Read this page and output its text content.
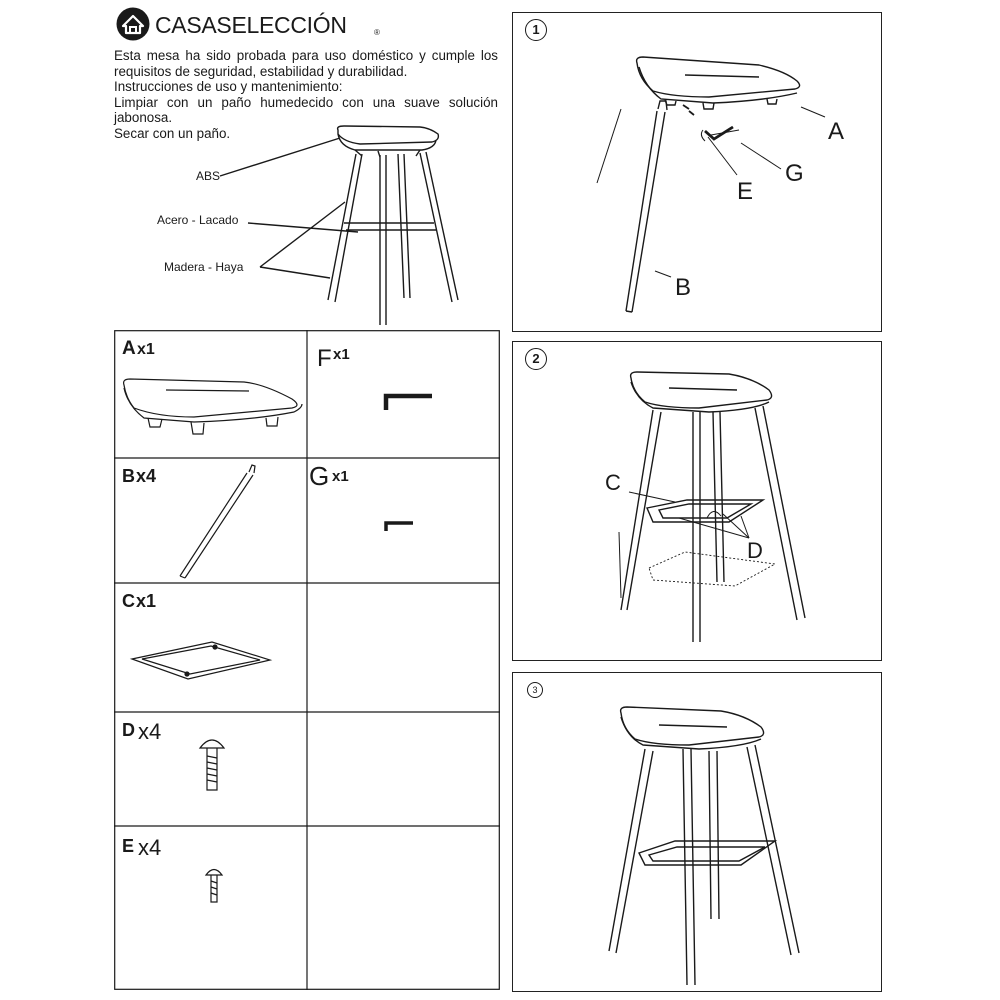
CASASELECCIÓN	®

Esta mesa ha sido probada para uso doméstico y cumple los requisitos de seguridad, estabilidad y durabilidad.

Instrucciones de uso y mantenimiento:

Limpiar con un paño humedecido con una suave solución jabonosa.

Secar con un paño.

ABS
Acero - Lacado
Madera - Haya
A x1	F x1
B x4	G x1
C x1
D x4
E x4
1
A
G
E
B
2
C
D
3
